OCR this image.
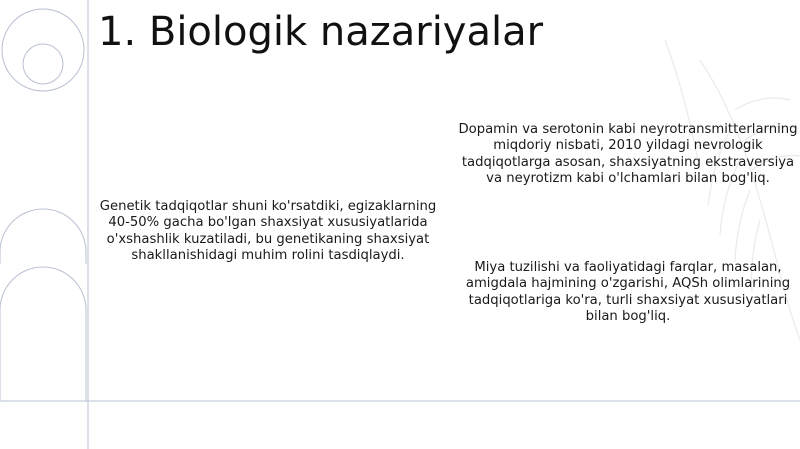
1. Biologik nazariyalar

Genetik tadqiqotlar shuni ko'rsatdiki, egizaklarning 40-50% gacha bo'lgan shaxsiyat xususiyatlarida o'xshashlik kuzatiladi, bu genetikaning shaxsiyat shakllanishidagi muhim rolini tasdiqlaydi.

Dopamin va serotonin kabi neyrotransmitterlarning miqdoriy nisbati, 2010 yildagi nevrologik tadqiqotlarga asosan, shaxsiyatning ekstraversiya va neyrotizm kabi o'lchamlari bilan bog'liq.

Miya tuzilishi va faoliyatidagi farqlar, masalan, amigdala hajmining o'zgarishi, AQSh olimlarining tadqiqotlariga ko'ra, turli shaxsiyat xususiyatlari bilan bog'liq.
